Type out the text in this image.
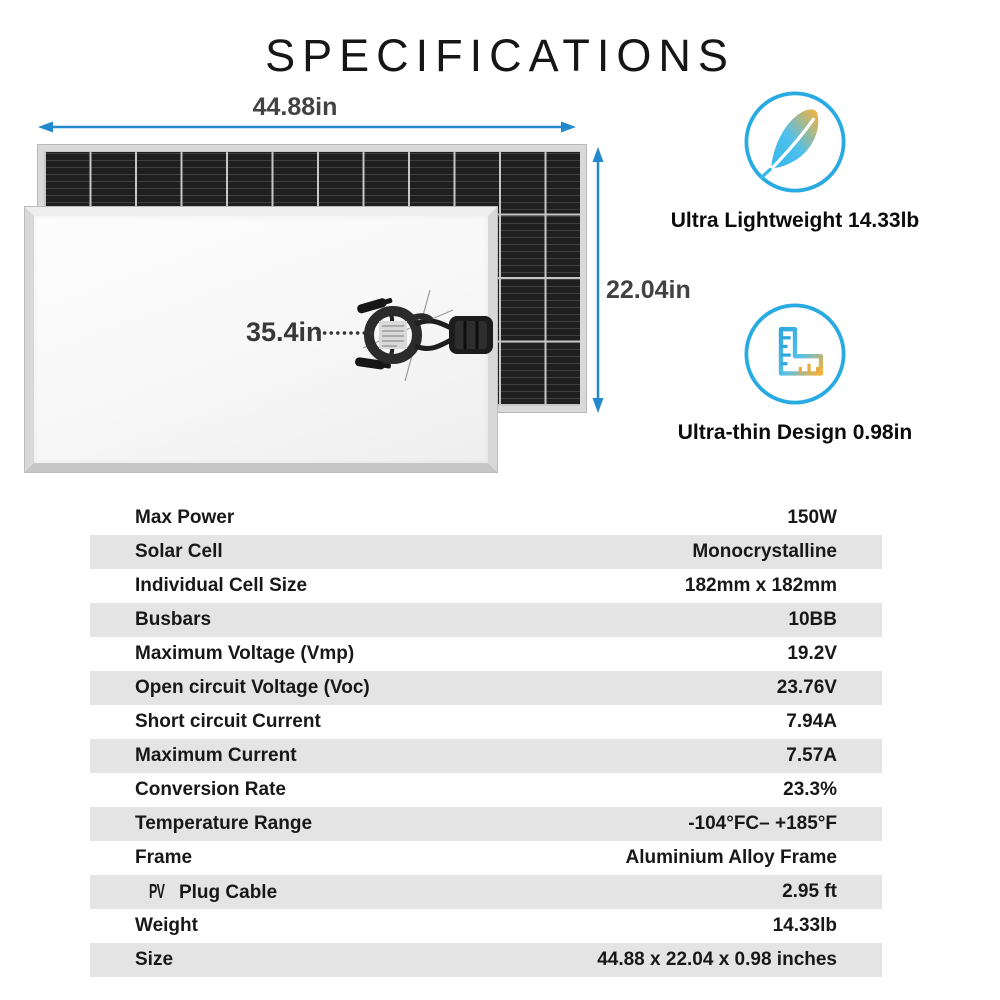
SPECIFICATIONS
44.88in
22.04in
35.4in
Ultra Lightweight 14.33lb
Ultra-thin Design 0.98in
Max Power	150W
Solar Cell	Monocrystalline
Individual Cell Size	182mm x 182mm
Busbars	10BB
Maximum Voltage (Vmp)	19.2V
Open circuit Voltage (Voc)	23.76V
Short circuit Current	7.94A
Maximum Current	7.57A
Conversion Rate	23.3%
Temperature Range	-104°FC– +185°F
Frame	Aluminium Alloy Frame
PV Plug Cable	2.95 ft
Weight	14.33lb
Size	44.88 x 22.04 x 0.98 inches
